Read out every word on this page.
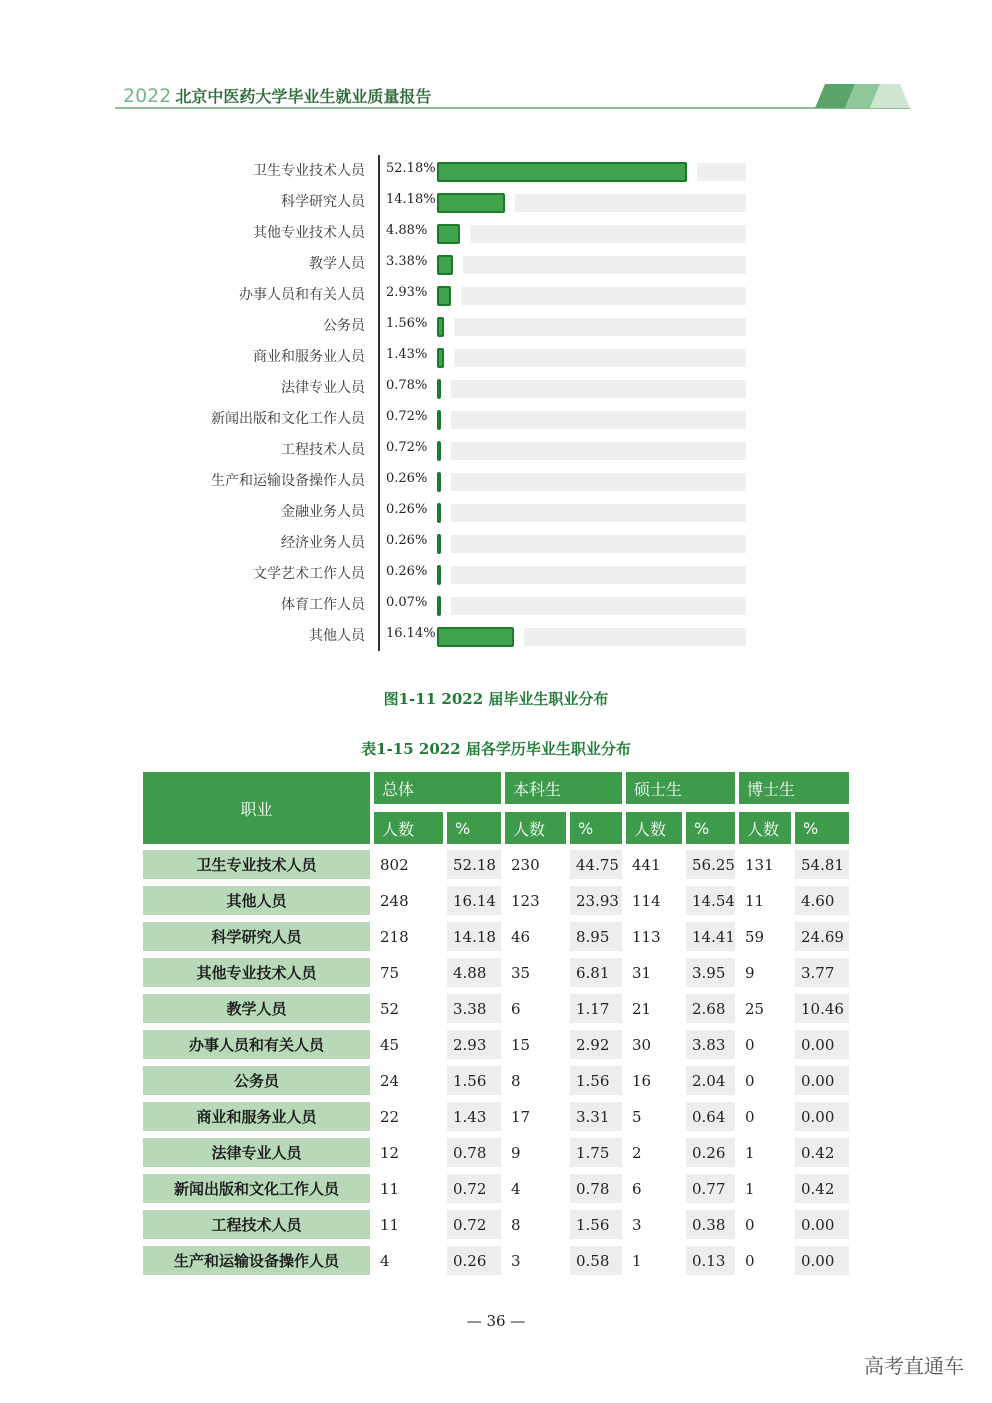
2022 北京中医药大学毕业生就业质量报告
卫生专业技术人员 52.18%
科学研究人员 14.18%
其他专业技术人员 4.88%
教学人员 3.38%
办事人员和有关人员 2.93%
公务员 1.56%
商业和服务业人员 1.43%
法律专业人员 0.78%
新闻出版和文化工作人员 0.72%
工程技术人员 0.72%
生产和运输设备操作人员 0.26%
金融业务人员 0.26%
经济业务人员 0.26%
文学艺术工作人员 0.26%
体育工作人员 0.07%
其他人员 16.14%
图1-11 2022 届毕业生职业分布
表1-15 2022 届各学历毕业生职业分布
职业
总体	本科生	硕士生	博士生
人数	%	人数	%	人数	%	人数	%
卫生专业技术人员	802	52.18	230	44.75 441	56.25 131	54.81
其他人员	248	16.14	123	23.93 114	14.54 11	4.60
科学研究人员	218	14.18	46	8.95	113	14.41 59	24.69
其他专业技术人员	75	4.88	35	6.81	31	3.95	9	3.77
教学人员	52	3.38	6	1.17	21	2.68	25	10.46
办事人员和有关人员	45	2.93	15	2.92	30	3.83	0	0.00
公务员	24	1.56	8	1.56	16	2.04	0	0.00
商业和服务业人员	22	1.43	17	3.31	5	0.64	0	0.00
法律专业人员	12	0.78	9	1.75	2	0.26	1	0.42
新闻出版和文化工作人员	11	0.72	4	0.78	6	0.77	1	0.42
工程技术人员	11	0.72	8	1.56	3	0.38	0	0.00
生产和运输设备操作人员	4	0.26	3	0.58	1	0.13	0	0.00
— 36 —
高考直通车
